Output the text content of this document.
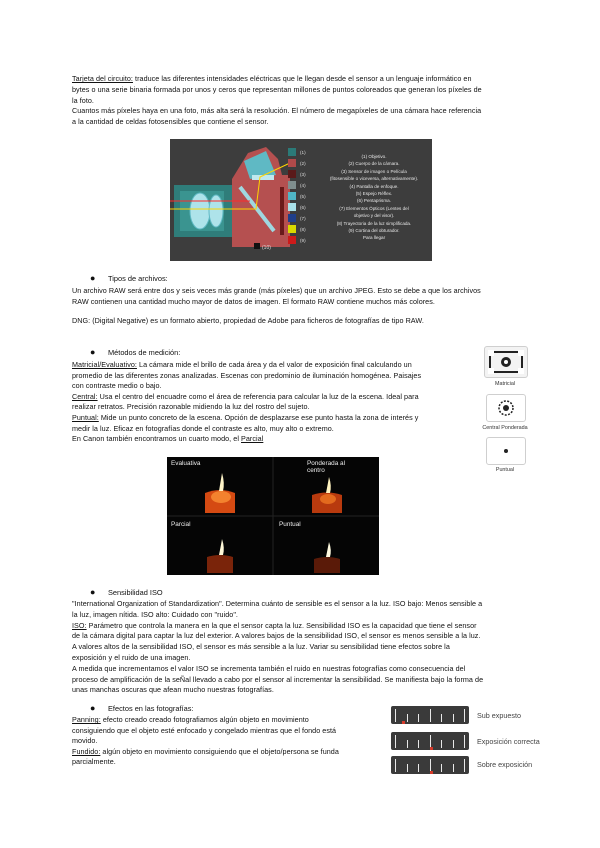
Tarjeta del circuito: traduce las diferentes intensidades eléctricas que le llegan desde el sensor a un lenguaje informático en
bytes o una serie binaria formada por unos y ceros que representan millones de puntos coloreados que generan los píxeles de
la foto.
Cuantos más píxeles haya en una foto, más alta será la resolución. El número de megapíxeles de una cámara hace referencia
a la cantidad de celdas fotosensibles que contiene el sensor.
(10)
(1)
(2)
(3)
(4)
(5)
(6)
(7)
(8)
(9)
(1) Objetivo.
(2) Cuerpo de la cámara.
(3) Sensor de imagen o Película
(fitosensible o viceversa, alternativamente).
(4) Pantalla de enfoque.
(5) Espejo Réflex.
(6) Pentaprisma.
(7) Elementos Ópticos (Lentes del
objetivo y del visor).
(8) Trayectoria de la luz simplificada.
(9) Cortina del obturador.
Para llegar
● Tipos de archivos:
Un archivo RAW será entre dos y seis veces más grande (más píxeles) que un archivo JPEG. Esto se debe a que los archivos
RAW contienen una cantidad mucho mayor de datos de imagen. El formato RAW contiene muchos más colores.
DNG: (Digital Negative) es un formato abierto, propiedad de Adobe para ficheros de fotografías de tipo RAW.
● Métodos de medición:
Matricial/Evaluativo: La cámara mide el brillo de cada área y da el valor de exposición final calculando un
promedio de las diferentes zonas analizadas. Escenas con predominio de iluminación homogénea. Paisajes
con contraste medio o bajo.
Central: Usa el centro del encuadre como el área de referencia para calcular la luz de la escena. Ideal para
realizar retratos. Precisión razonable midiendo la luz del rostro del sujeto.
Puntual: Mide un punto concreto de la escena. Opción de desplazarse ese punto hasta la zona de interés y
medir la luz. Eficaz en fotografías donde el contraste es alto, muy alto o extremo.
En Canon también encontramos un cuarto modo, el Parcial
Matricial
Central Ponderada
Puntual
Evaluativa	Ponderada al
centro
Parcial	Puntual
● Sensibilidad ISO
"International Organization of Standardization". Determina cuánto de sensible es el sensor a la luz. ISO bajo: Menos sensible a
la luz, imagen nítida. ISO alto: Cuidado con "ruido".
ISO: Parámetro que controla la manera en la que el sensor capta la luz. Sensibilidad ISO es la capacidad que tiene el sensor
de la cámara digital para captar la luz del exterior. A valores bajos de la sensibilidad ISO, el sensor es menos sensible a la luz.
A valores altos de la sensibilidad ISO, el sensor es más sensible a la luz. Variar su sensibilidad tiene efectos sobre la
exposición y el ruido de una imagen.
A medida que incrementamos el valor ISO se incrementa también el ruido en nuestras fotografías como consecuencia del
proceso de amplificación de la seÑal llevado a cabo por el sensor al incrementar la sensibilidad. Se manifiesta bajo la forma de
unas manchas oscuras que afean mucho nuestras fotografías.
● Efectos en las fotografías:
Panning: efecto creado creado fotografiamos algún objeto en movimiento
consiguiendo que el objeto esté enfocado y congelado mientras que el fondo está
movido.
Fundido: algún objeto en movimiento consiguiendo que el objeto/persona se funda
parcialmente.
Sub expuesto
Exposición correcta
Sobre exposición
